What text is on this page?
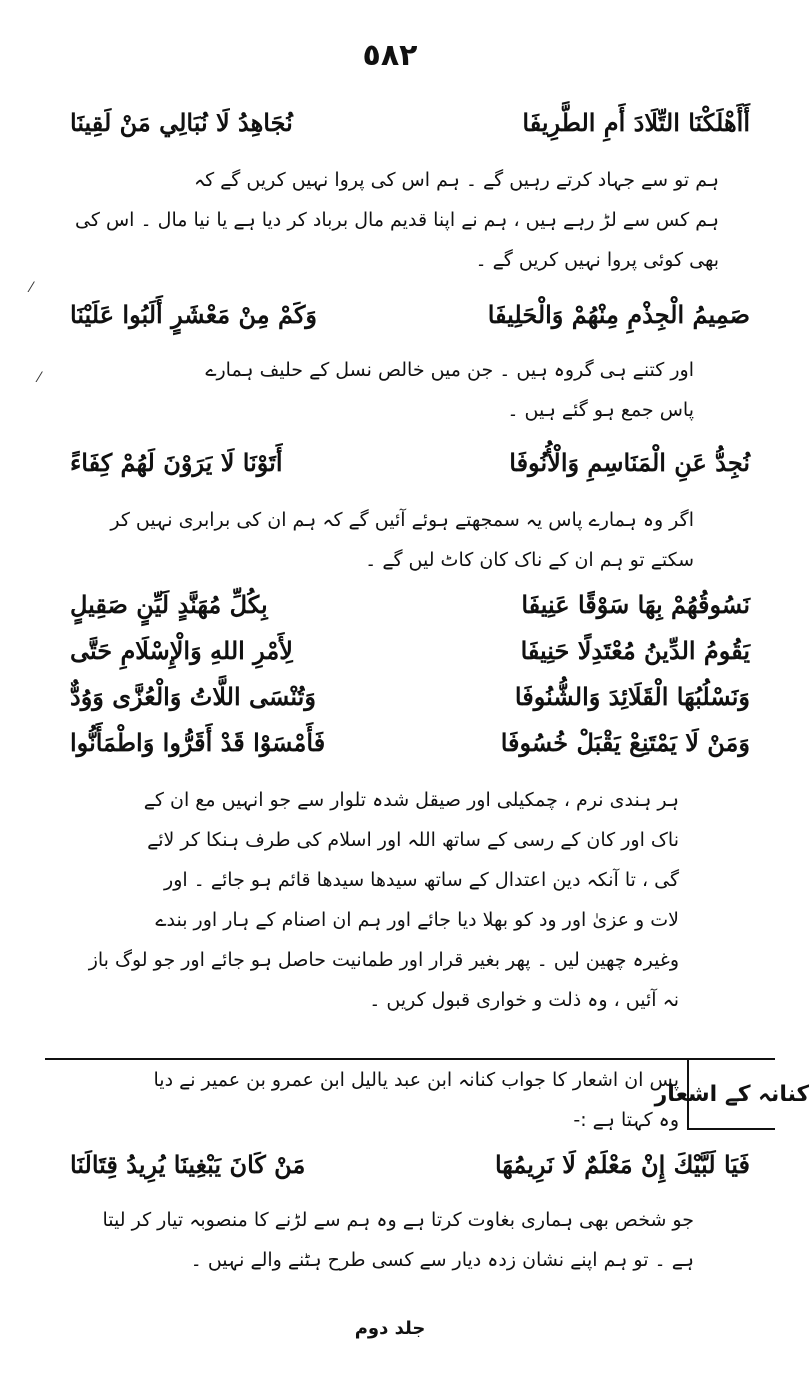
٥٨٢
أَأَهْلَكْنَا التِّلَادَ أَمِ الطَّرِيفَا
نُجَاهِدُ لَا نُبَالِي مَنْ لَقِينَا
ہم تو سے جہاد کرتے رہیں گے ۔ ہم اس کی پروا نہیں کریں گے کہ
ہم کس سے لڑ رہے ہیں ، ہم نے اپنا قدیم مال برباد کر دیا ہے یا نیا مال ۔ اس کی
بھی کوئی پروا نہیں کریں گے ۔
صَمِيمُ الْجِذْمِ مِنْهُمْ وَالْحَلِيفَا
وَكَمْ مِنْ مَعْشَرٍ أَلَبُوا عَلَيْنَا
اور کتنے ہی گروہ ہیں ۔ جن میں خالص نسل کے حلیف ہمارے
پاس جمع ہو گئے ہیں ۔
نُجِدُّ عَنِ الْمَنَاسِمِ وَالْأُنُوفَا
أَتَوْنَا لَا يَرَوْنَ لَهُمْ كِفَاءً
اگر وہ ہمارے پاس یہ سمجھتے ہوئے آئیں گے کہ ہم ان کی برابری نہیں کر
سکتے تو ہم ان کے ناک کان کاٹ لیں گے ۔
نَسُوقُهُمْ بِهَا سَوْقًا عَنِيفَا
بِكُلِّ مُهَنَّدٍ لَيِّنٍ صَقِيلٍ
يَقُومُ الدِّينُ مُعْتَدِلًا حَنِيفَا
لِأَمْرِ اللهِ وَالْإِسْلَامِ حَتَّى
وَنَسْلُبُهَا الْقَلَائِدَ وَالشُّنُوفَا
وَتُنْسَى اللَّاتُ وَالْعُزَّى وَوُدٌّ
وَمَنْ لَا يَمْتَنِعْ يَقْبَلْ خُسُوفَا
فَأَمْسَوْا قَدْ أَقَرُّوا وَاطْمَأَنُّوا
ہر ہندی نرم ، چمکیلی اور صیقل شدہ تلوار سے جو انہیں مع ان کے
ناک اور کان کے رسی کے ساتھ اللہ اور اسلام کی طرف ہنکا کر لائے
گی ، تا آنکہ دین اعتدال کے ساتھ سیدھا سیدھا قائم ہو جائے ۔ اور
لات و عزیٰ اور ود کو بھلا دیا جائے اور ہم ان اصنام کے ہار اور بندے
وغیرہ چھین لیں ۔ پھر بغیر قرار اور طمانیت حاصل ہو جائے اور جو لوگ باز
نہ آئیں ، وہ ذلت و خواری قبول کریں ۔
کنانہ کے اشعار
پس ان اشعار کا جواب کنانہ ابن عبد یالیل ابن عمرو بن عمیر نے دیا
وہ کہتا ہے :-
فَيَا لَبَّيْكَ إِنْ مَعْلَمٌ لَا نَرِيمُهَا
مَنْ كَانَ يَبْغِينَا يُرِيدُ قِتَالَنَا
جو شخص بھی ہماری بغاوت کرتا ہے وہ ہم سے لڑنے کا منصوبہ تیار کر لیتا
ہے ۔ تو ہم اپنے نشان زدہ دیار سے کسی طرح ہٹنے والے نہیں ۔
جلد دوم
⁄
⁄
